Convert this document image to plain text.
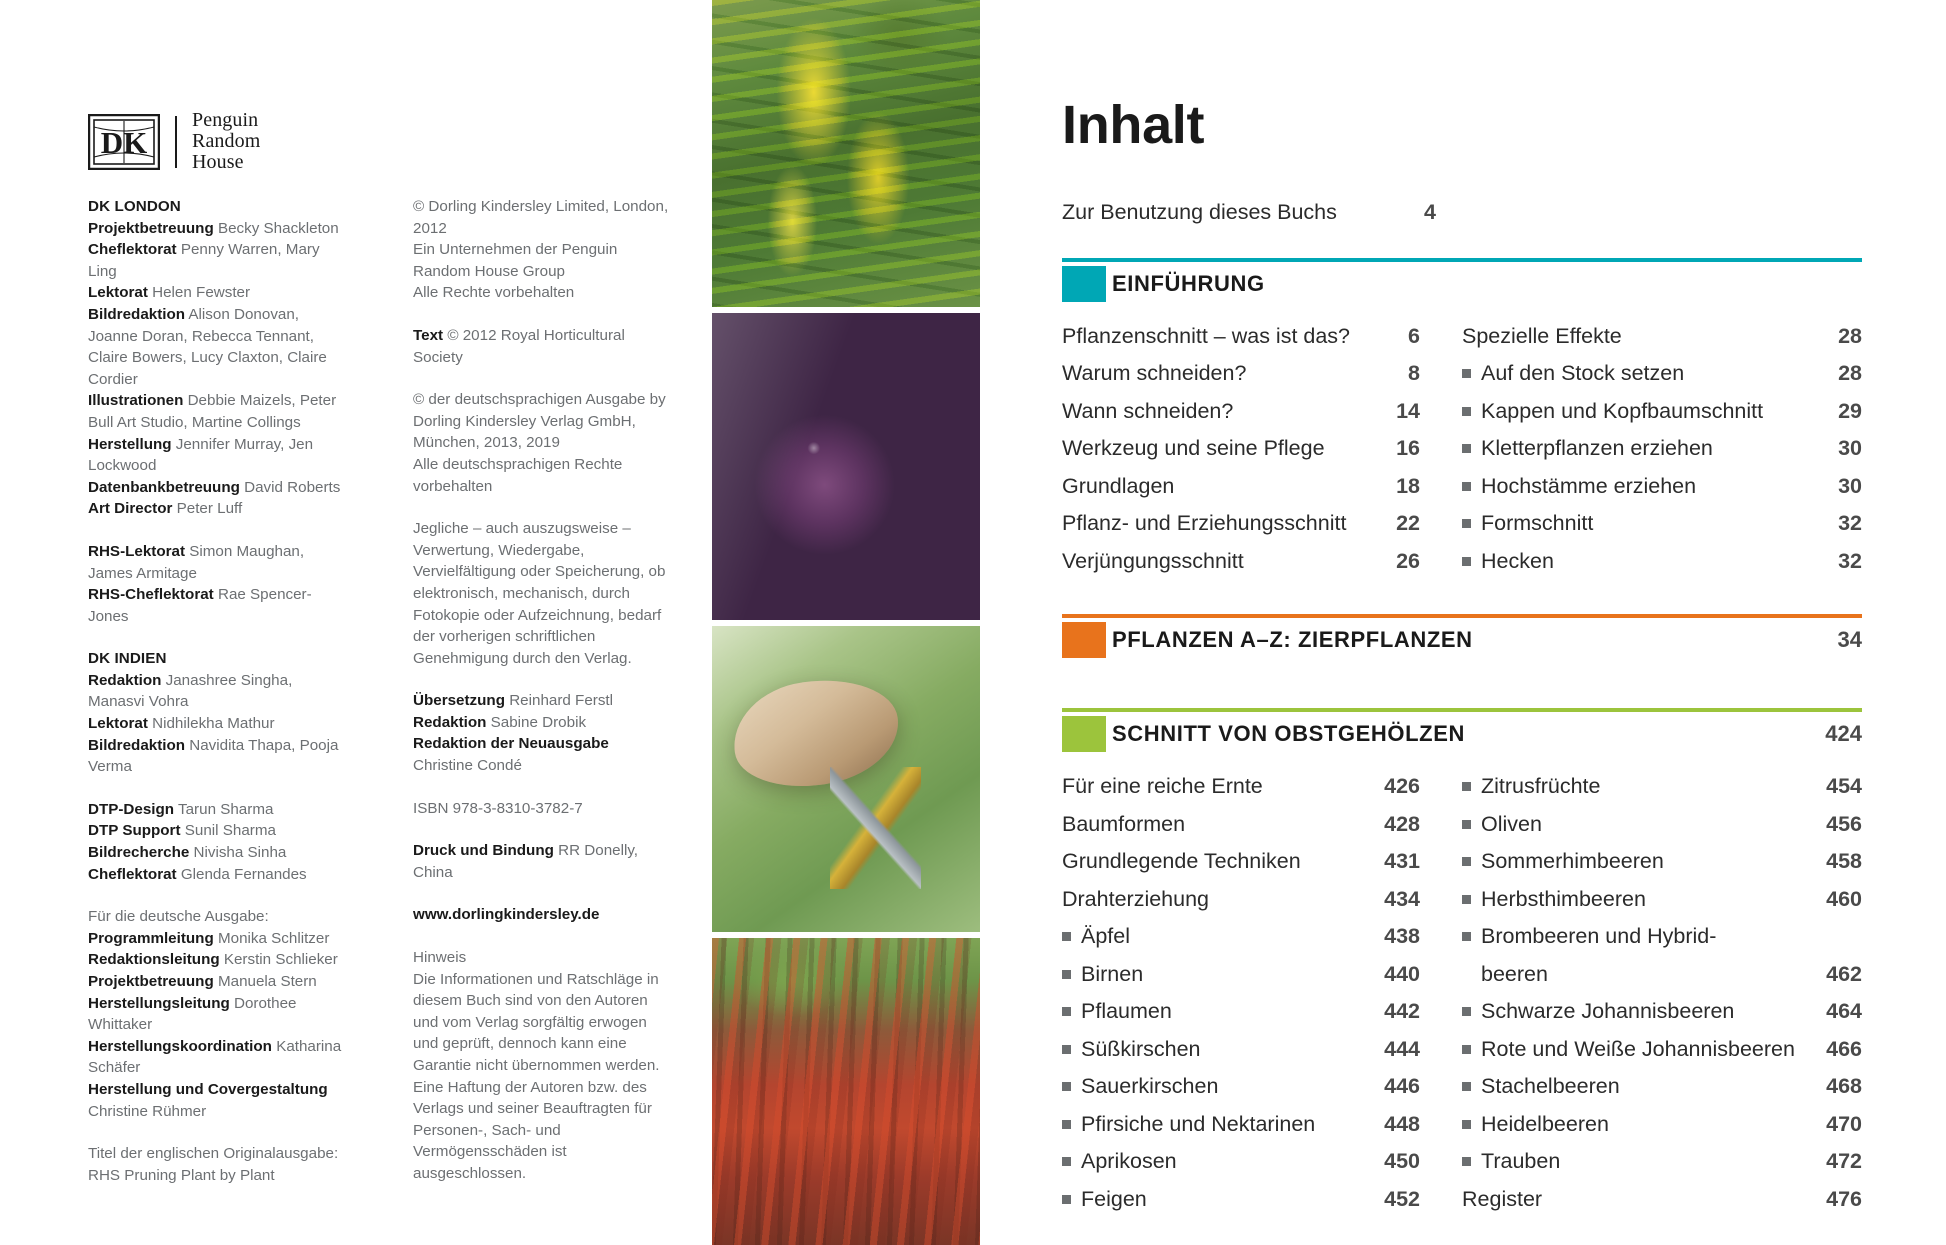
DK
Penguin
Random
House

DK LONDON

Projektbetreuung Becky Shackleton

Cheflektorat Penny Warren, Mary Ling

Lektorat Helen Fewster

Bildredaktion Alison Donovan, Joanne Doran, Rebecca Tennant, Claire Bowers, Lucy Claxton, Claire Cordier

Illustrationen Debbie Maizels, Peter Bull Art Studio, Martine Collings

Herstellung Jennifer Murray, Jen Lockwood

Datenbankbetreuung David Roberts

Art Director Peter Luff

RHS-Lektorat Simon Maughan, James Armitage

RHS-Cheflektorat Rae Spencer-Jones

DK INDIEN

Redaktion Janashree Singha, Manasvi Vohra

Lektorat Nidhilekha Mathur

Bildredaktion Navidita Thapa, Pooja Verma

DTP-Design Tarun Sharma

DTP Support Sunil Sharma

Bildrecherche Nivisha Sinha

Cheflektorat Glenda Fernandes

Für die deutsche Ausgabe:

Programmleitung Monika Schlitzer

Redaktionsleitung Kerstin Schlieker

Projektbetreuung Manuela Stern

Herstellungsleitung Dorothee Whittaker

Herstellungskoordination Katharina Schäfer

Herstellung und Covergestaltung Christine Rühmer

Titel der englischen Originalausgabe: RHS Pruning Plant by Plant

© Dorling Kindersley Limited, London, 2012

Ein Unternehmen der Penguin Random House Group

Alle Rechte vorbehalten

Text © 2012 Royal Horticultural Society

© der deutschsprachigen Ausgabe by Dorling Kindersley Verlag GmbH, München, 2013, 2019

Alle deutschsprachigen Rechte vorbehalten

Jegliche – auch auszugsweise – Verwertung, Wiedergabe, Vervielfältigung oder Speicherung, ob elektronisch, mechanisch, durch Fotokopie oder Aufzeichnung, bedarf der vorherigen schriftlichen Genehmigung durch den Verlag.

Übersetzung Reinhard Ferstl

Redaktion Sabine Drobik

Redaktion der Neuausgabe Christine Condé

ISBN 978-3-8310-3782-7

Druck und Bindung RR Donelly, China

www.dorlingkindersley.de

Hinweis

Die Informationen und Ratschläge in diesem Buch sind von den Autoren und vom Verlag sorgfältig erwogen und geprüft, dennoch kann eine Garantie nicht übernommen werden. Eine Haftung der Autoren bzw. des Verlags und seiner Beauftragten für Personen-, Sach- und Vermögensschäden ist ausgeschlossen.

Inhalt
Zur Benutzung dieses Buchs	4
EINFÜHRUNG
Pflanzenschnitt – was ist das?	6
Warum schneiden?	8
Wann schneiden?	14
Werkzeug und seine Pflege	16
Grundlagen	18
Pflanz- und Erziehungsschnitt	22
Verjüngungsschnitt	26
Spezielle Effekte	28
Auf den Stock setzen	28
Kappen und Kopfbaumschnitt	29
Kletterpflanzen erziehen	30
Hochstämme erziehen	30
Formschnitt	32
Hecken	32
PFLANZEN A–Z: ZIERPFLANZEN	34
SCHNITT VON OBSTGEHÖLZEN	424
Für eine reiche Ernte	426
Baumformen	428
Grundlegende Techniken	431
Drahterziehung	434
Äpfel	438
Birnen	440
Pflaumen	442
Süßkirschen	444
Sauerkirschen	446
Pfirsiche und Nektarinen	448
Aprikosen	450
Feigen	452
Zitrusfrüchte	454
Oliven	456
Sommerhimbeeren	458
Herbsthimbeeren	460
Brombeeren und Hybrid-
beeren	462
Schwarze Johannisbeeren	464
Rote und Weiße Johannisbeeren	466
Stachelbeeren	468
Heidelbeeren	470
Trauben	472
Register	476
